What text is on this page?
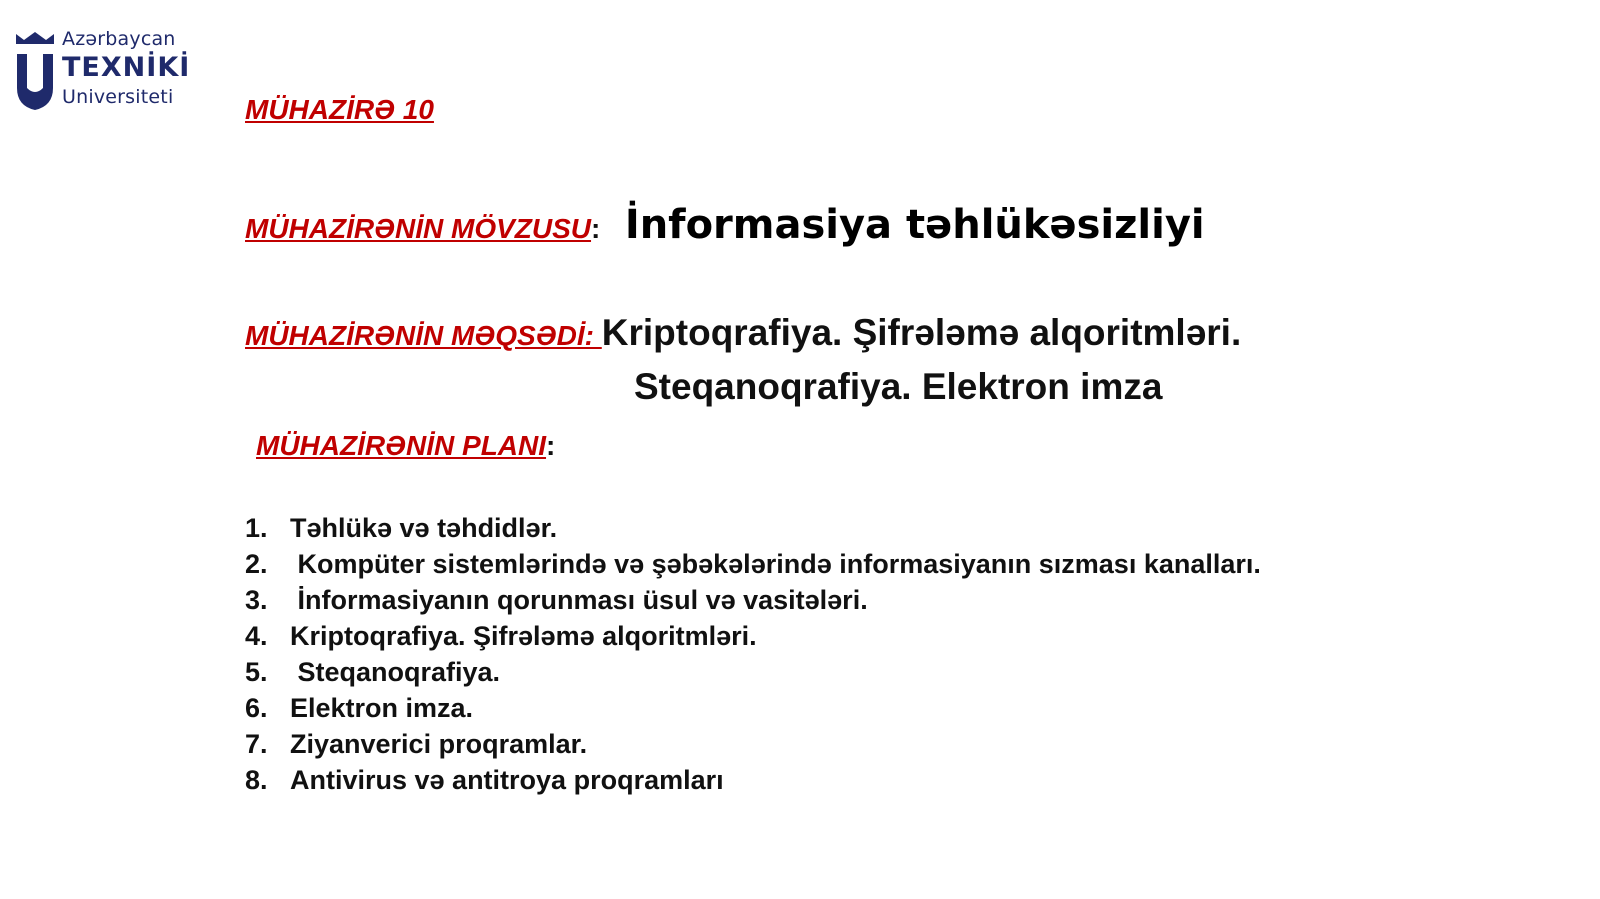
Azərbaycan
TEXNİKİ
Universiteti	MÜHAZİRƏ 10
MÜHAZİRƏNİN MÖVZUSU: İnformasiya təhlükəsizliyi
MÜHAZİRƏNİN MƏQSƏDİ: Kriptoqrafiya. Şifrələmə alqoritmləri.
Steqanoqrafiya. Elektron imza
MÜHAZİRƏNİN PLANI:
1. Təhlükə və təhdidlər.
2. Kompüter sistemlərində və şəbəkələrində informasiyanın sızması kanalları.
3. İnformasiyanın qorunması üsul və vasitələri.
4. Kriptoqrafiya. Şifrələmə alqoritmləri.
5. Steqanoqrafiya.
6. Elektron imza.
7. Ziyanverici proqramlar.
8. Antivirus və antitroya proqramları
